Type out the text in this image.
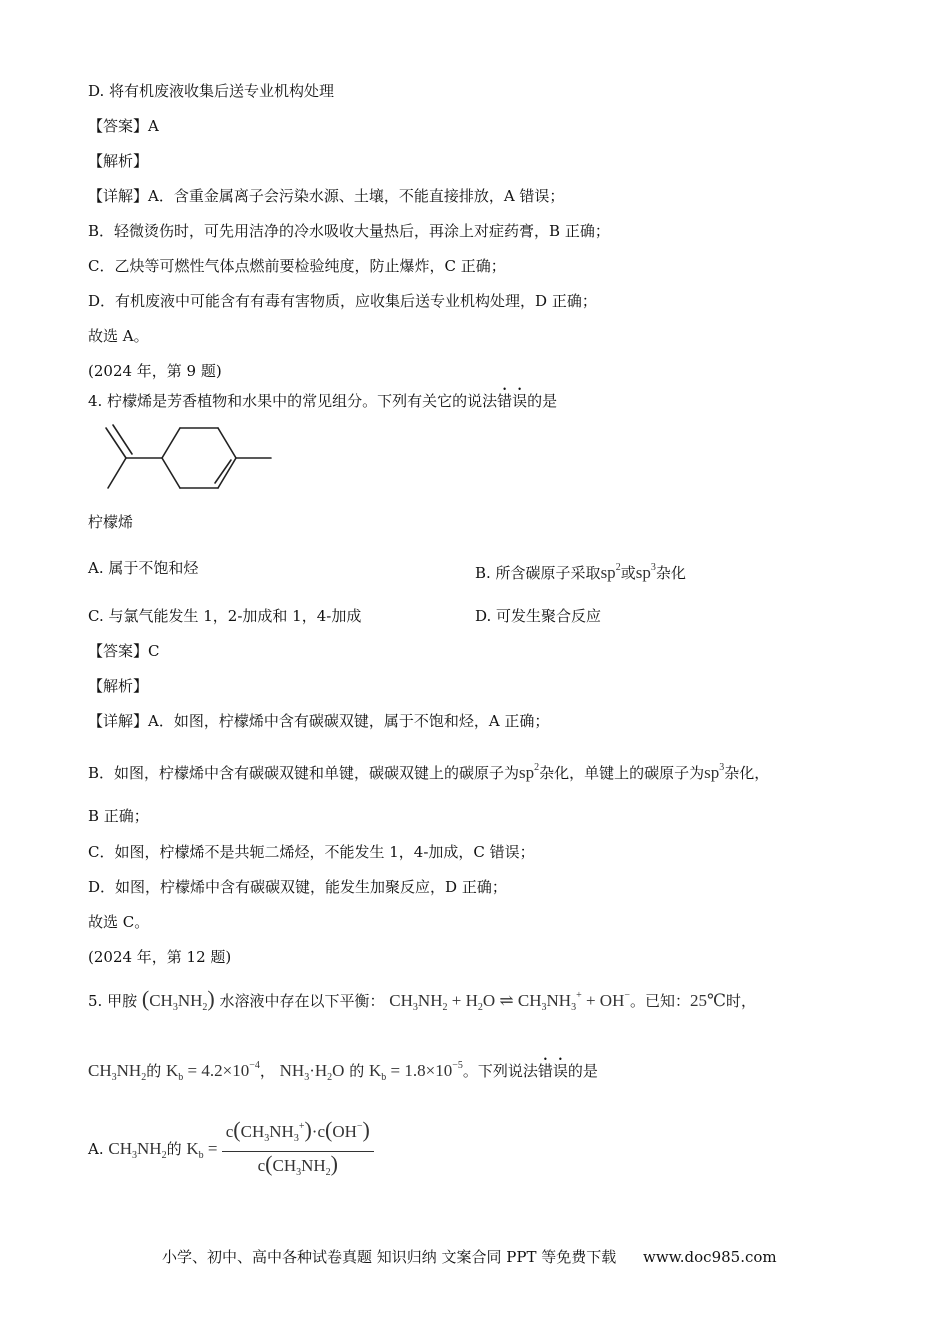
D. 将有机废液收集后送专业机构处理
【答案】A
【解析】
【详解】A．含重金属离子会污染水源、土壤，不能直接排放，A 错误；
B．轻微烫伤时，可先用洁净的冷水吸收大量热后，再涂上对症药膏，B 正确；
C．乙炔等可燃性气体点燃前要检验纯度，防止爆炸，C 正确；
D．有机废液中可能含有有毒有害物质，应收集后送专业机构处理，D 正确；
故选 A。
(2024 年，第 9 题)
4. 柠檬烯是芳香植物和水果中的常见组分。下列有关它的说法错误的是
柠檬烯
A. 属于不饱和烃	B. 所含碳原子采取$sp^2$或$sp^3$杂化
C. 与氯气能发生 1，2-加成和 1，4-加成	D. 可发生聚合反应
【答案】C
【解析】
【详解】A．如图，柠檬烯中含有碳碳双键，属于不饱和烃，A 正确；
B．如图，柠檬烯中含有碳碳双键和单键，碳碳双键上的碳原子为$sp^2$杂化，单键上的碳原子为$sp^3$杂化，
B 正确；
C．如图，柠檬烯不是共轭二烯烃，不能发生 1，4-加成，C 错误；
D．如图，柠檬烯中含有碳碳双键，能发生加聚反应，D 正确；
故选 C。
(2024 年，第 12 题)
5. 甲胺 $(CH_3NH_2)$ 水溶液中存在以下平衡： $CH_3NH_2 + H_2O$ ⇌ $CH_3NH_3^+ + OH^-$。已知：25℃时，
$CH_3NH_2$的 $K_b = 4.2\times 10^{-4}$， $NH_3\cdot H_2O$ 的 $K_b = 1.8\times 10^{-5}$。下列说法错误的是
A. $CH_3NH_2$的 $K_b = \frac{c(CH_3NH_3^+)\cdot c(OH^-)}{c(CH_3NH_2)}$
小学、初中、高中各种试卷真题 知识归纳 文案合同 PPT 等免费下载 www.doc985.com
